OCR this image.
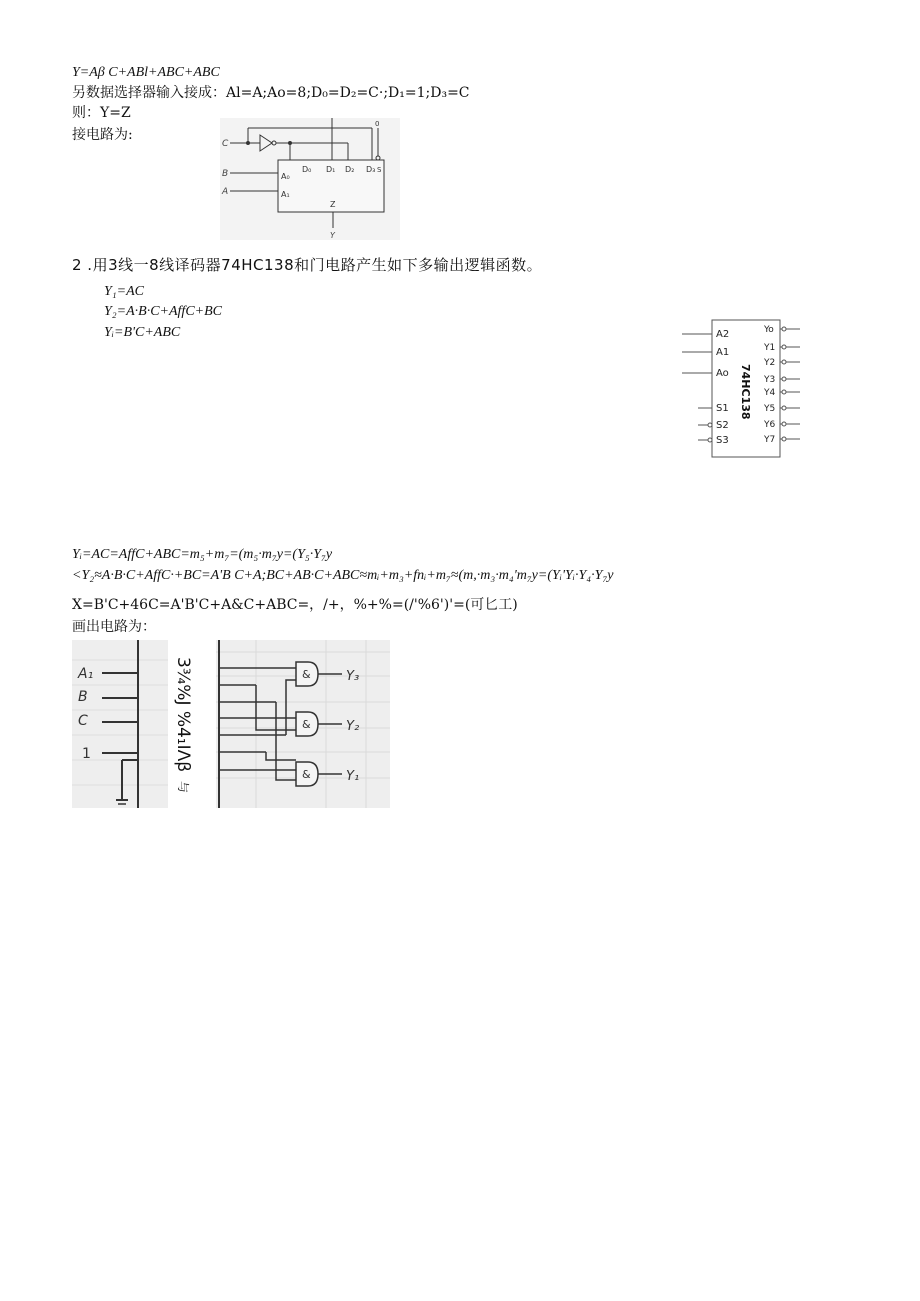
Y=Aβ C+ABl+ABC+ABC
另数据选择器输入接成：Al=A;Ao=8;D₀=D₂=C·;D₁=1;D₃=C
则：Y=Z
接电路为:
C
0
D₀ D₁ D₂ D₃ S
B	A₀
A	A₁
Z
Y
2 .用3线一8线译码器74HC138和门电路产生如下多输出逻辑函数。
Y₁=AC
Y₂=A·B·C+AffC+BC
Yᵢ=B'C+ABC	A2
A1
Ao
S1
S2
S3
74HC138
Yo
Y1
Y2
Y3
Y4
Y5
Y6
Y7
Yᵢ=AC=AffC+ABC=m₅+m₇=(m₅·m₇y=(Y₅·Y₇y
<Y₂≈A·B·C+AffC·+BC=A'B C+A;BC+AB·C+ABC≈mᵢ+m₃+fnᵢ+m₇≈(m,·m₃·m₄'m₇y=(Yᵢ'Yᵢ·Y₄·Y₇y
X=B'C+46C=A'B'C+A&C+ABC=，/+，%+%=(/'%6')'=(可匕工)
画出电路为：
A₁
B
C
1	3¾%J %4₁ΙΛβ
与
&	Y₃
&	Y₂
&	Y₁
